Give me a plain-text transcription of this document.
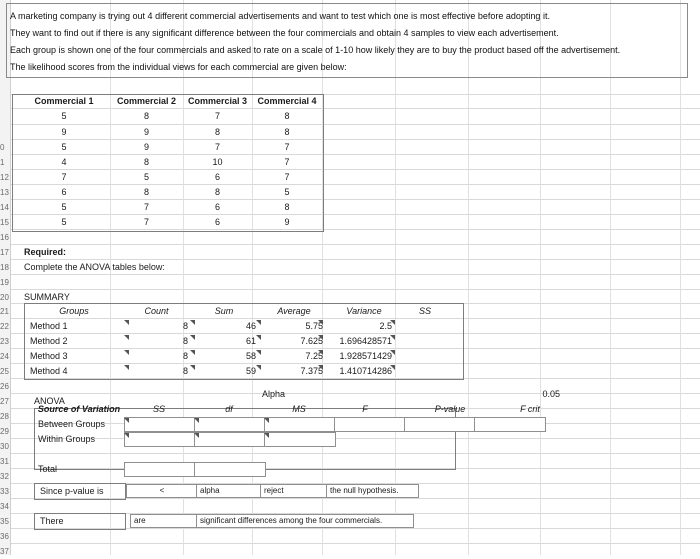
0
1
12
13
14
15
16
17
18
19
20
21
22
23
24
25
26
27
28
29
30
31
32
33
34
35
36
37
A marketing company is trying out 4 different commercial advertisements and want to test which one is most effective before adopting it.
They want to find out if there is any significant difference between the four commercials and obtain 4 samples to view each advertisement.
Each group is shown one of the four commercials and asked to rate on a scale of 1-10 how likely they are to buy the product based off the advertisement.
The likelihood scores from the individual views for each commercial are given below:
Commercial 1	Commercial 2	Commercial 3	Commercial 4
5	8	7	8
9	9	8	8
5	9	7	7
4	8	10	7
7	5	6	7
6	8	8	5
5	7	6	8
5	7	6	9
Required:
Complete the ANOVA tables below:
SUMMARY
Groups	Count	Sum	Average	Variance	SS
Method 1	8	46	5.75	2.5
Method 2	8	61	7.625	1.696428571
Method 3	8	58	7.25	1.928571429
Method 4	8	59	7.375	1.410714286
ANOVA
Alpha	0.05
Source of Variation	SS	df	MS	F	P-value	F crit
Between Groups
Within Groups
Total
Since p-value is	<	alpha	reject	the null hypothesis.
There	are	significant differences among the four commercials.
